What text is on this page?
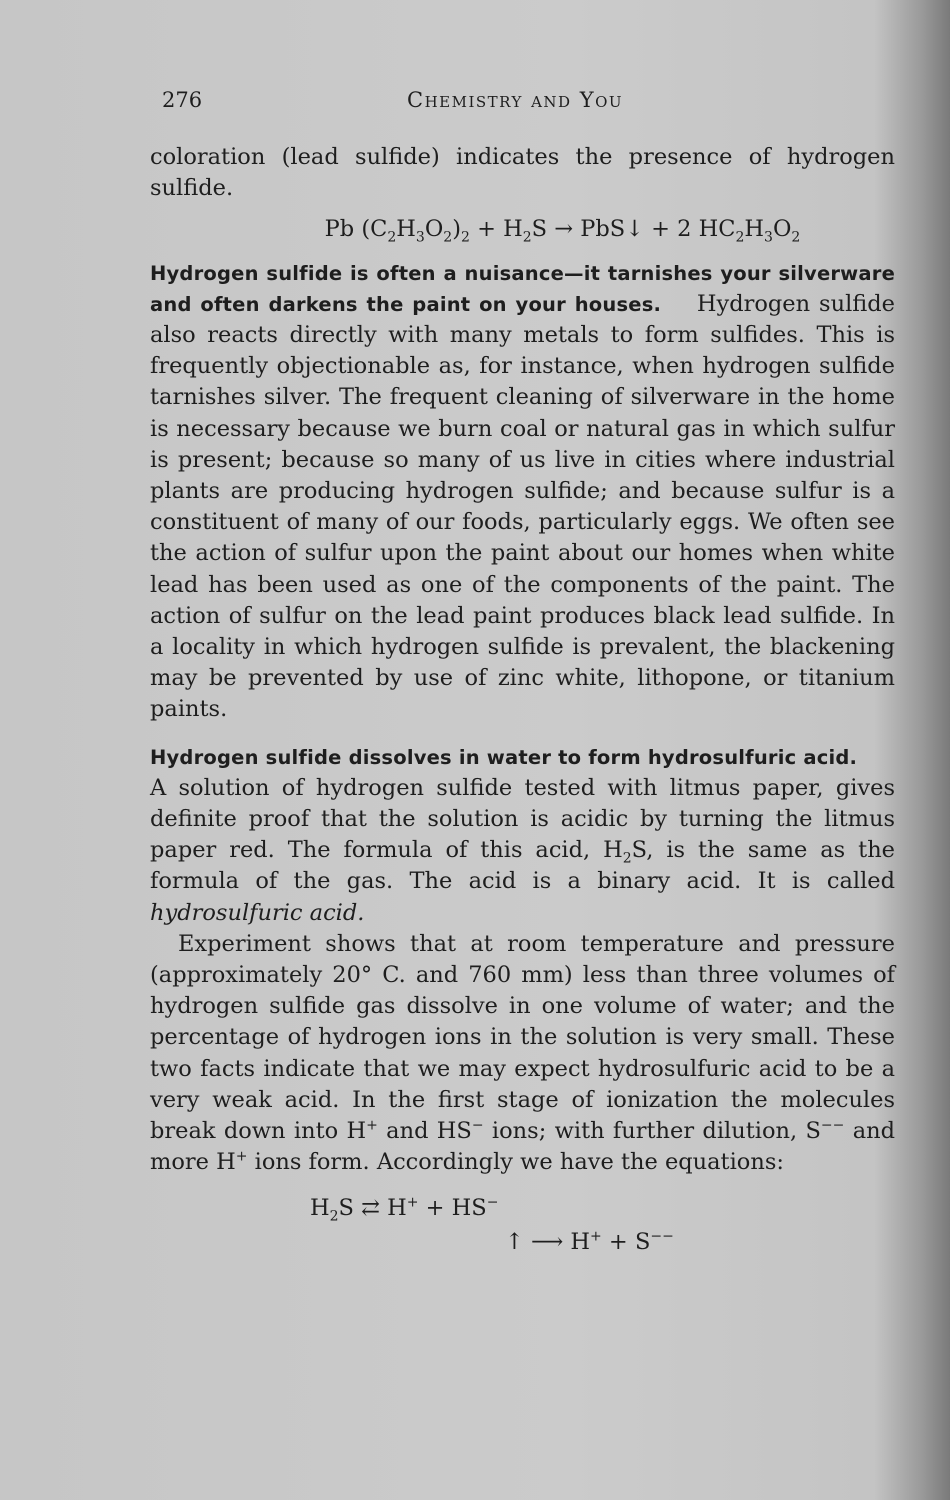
276	Chemistry and You

coloration (lead sulfide) indicates the presence of hydrogen sulfide.

Pb $(C_2H_3O_2)_2 + H_2S$ → PbS↓ + 2 $HC_2H_3O_2$

Hydrogen sulfide is often a nuisance—it tarnishes your silverware and often darkens the paint on your houses. Hydrogen sulfide also reacts directly with many metals to form sulfides. This is frequently objectionable as, for instance, when hydrogen sulfide tarnishes silver. The frequent cleaning of silverware in the home is necessary because we burn coal or natural gas in which sulfur is present; because so many of us live in cities where industrial plants are producing hydrogen sulfide; and because sulfur is a constituent of many of our foods, particularly eggs. We often see the action of sulfur upon the paint about our homes when white lead has been used as one of the components of the paint. The action of sulfur on the lead paint produces black lead sulfide. In a locality in which hydrogen sulfide is prevalent, the blackening may be prevented by use of zinc white, lithopone, or titanium paints.

Hydrogen sulfide dissolves in water to form hydrosulfuric acid.
A solution of hydrogen sulfide tested with litmus paper, gives definite proof that the solution is acidic by turning the litmus paper red. The formula of this acid, $H_2S$, is the same as the formula of the gas. The acid is a binary acid. It is called hydrosulfuric acid.

Experiment shows that at room temperature and pressure (approximately 20° C. and 760 mm) less than three volumes of hydrogen sulfide gas dissolve in one volume of water; and the percentage of hydrogen ions in the solution is very small. These two facts indicate that we may expect hydrosulfuric acid to be a very weak acid. In the first stage of ionization the molecules break down into H+ and HS− ions; with further dilution, S−− and more H+ ions form. Accordingly we have the equations:

$H_2S$ ⇄ H+ + HS−
↑ ⟶ H+ + S−−
